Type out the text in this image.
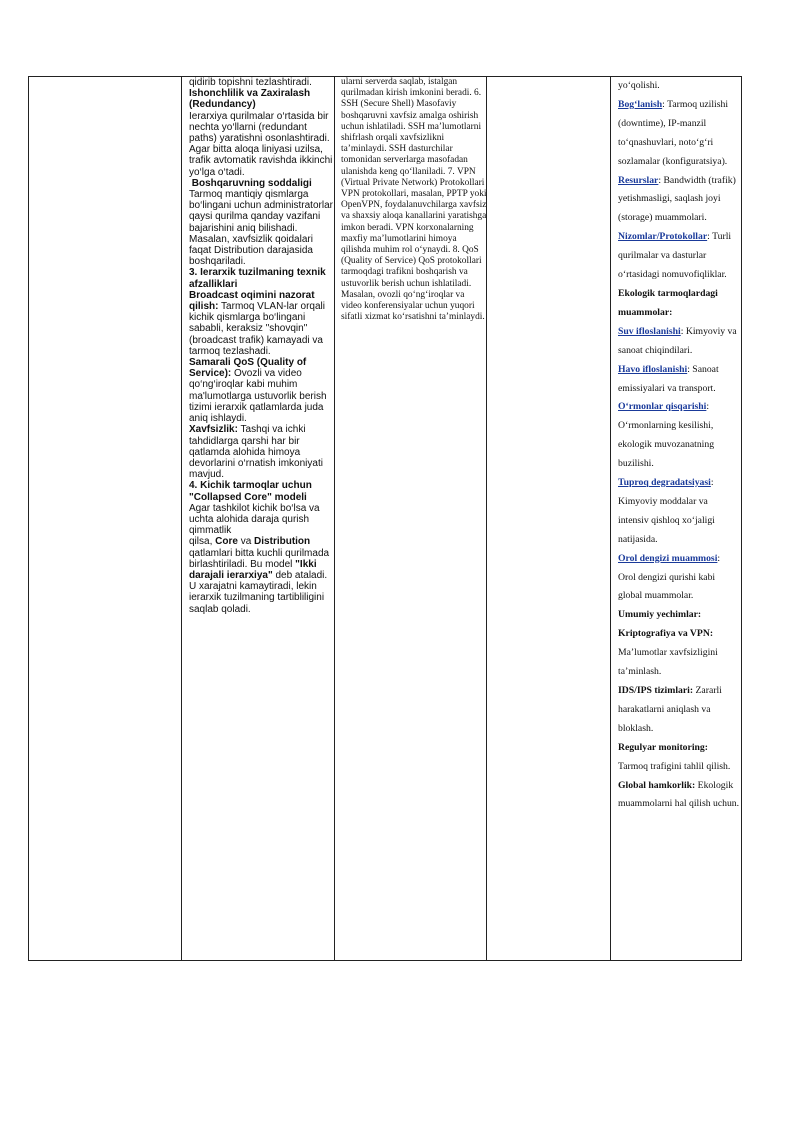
qidirib topishni tezlashtiradi.

Ishonchlilik va Zaxiralash (Redundancy)

Ierarxiya qurilmalar o‘rtasida bir nechta yo‘llarni (redundant paths) yaratishni osonlashtiradi. Agar bitta aloqa liniyasi uzilsa, trafik avtomatik ravishda ikkinchi yo‘lga o‘tadi.

Boshqaruvning soddaligi

Tarmoq mantiqiy qismlarga bo‘lingani uchun administratorlar qaysi qurilma qanday vazifani bajarishini aniq bilishadi. Masalan, xavfsizlik qoidalari faqat Distribution darajasida boshqariladi.

3. Ierarxik tuzilmaning texnik afzalliklari

Broadcast oqimini nazorat qilish: Tarmoq VLAN-lar orqali kichik qismlarga bo‘lingani sababli, keraksiz "shovqin" (broadcast trafik) kamayadi va tarmoq tezlashadi.

Samarali QoS (Quality of Service): Ovozli va video qo‘ng‘iroqlar kabi muhim ma'lumotlarga ustuvorlik berish tizimi ierarxik qatlamlarda juda aniq ishlaydi.

Xavfsizlik: Tashqi va ichki tahdidlarga qarshi har bir qatlamda alohida himoya devorlarini o‘rnatish imkoniyati mavjud.

4. Kichik tarmoqlar uchun "Collapsed Core" modeli

Agar tashkilot kichik bo‘lsa va uchta alohida daraja qurish qimmatlik

qilsa, Core va Distribution qatlamlari bitta kuchli qurilmada birlashtiriladi. Bu model "Ikki darajali ierarxiya" deb ataladi. U xarajatni kamaytiradi, lekin ierarxik tuzilmaning tartibliligini saqlab qoladi.

ularni serverda saqlab, istalgan qurilmadan kirish imkonini beradi. 6. SSH (Secure Shell) Masofaviy boshqaruvni xavfsiz amalga oshirish uchun ishlatiladi. SSH ma’lumotlarni shifrlash orqali xavfsizlikni ta’minlaydi. SSH dasturchilar tomonidan serverlarga masofadan ulanishda keng qo‘llaniladi. 7. VPN (Virtual Private Network) Protokollari VPN protokollari, masalan, PPTP yoki OpenVPN, foydalanuvchilarga xavfsiz va shaxsiy aloqa kanallarini yaratishga imkon beradi. VPN korxonalarning maxfiy ma’lumotlarini himoya qilishda muhim rol o‘ynaydi. 8. QoS (Quality of Service) QoS protokollari tarmoqdagi trafikni boshqarish va ustuvorlik berish uchun ishlatiladi. Masalan, ovozli qo‘ng‘iroqlar va video konferensiyalar uchun yuqori sifatli xizmat ko‘rsatishni ta’minlaydi.

yo‘qolishi.

Bog‘lanish: Tarmoq uzilishi (downtime), IP-manzil to‘qnashuvlari, noto‘g‘ri sozlamalar (konfiguratsiya).

Resurslar: Bandwidth (trafik) yetishmasligi, saqlash joyi (storage) muammolari.

Nizomlar/Protokollar: Turli qurilmalar va dasturlar o‘rtasidagi nomuvofiqliklar.

Ekologik tarmoqlardagi muammolar:

Suv ifloslanishi: Kimyoviy va sanoat chiqindilari.

Havo ifloslanishi: Sanoat emissiyalari va transport.

O‘rmonlar qisqarishi: O‘rmonlarning kesilishi, ekologik muvozanatning buzilishi.

Tuproq degradatsiyasi: Kimyoviy moddalar va intensiv qishloq xo‘jaligi natijasida.

Orol dengizi muammosi: Orol dengizi qurishi kabi global muammolar.

Umumiy yechimlar:

Kriptografiya va VPN: Ma’lumotlar xavfsizligini ta’minlash.

IDS/IPS tizimlari: Zararli harakatlarni aniqlash va bloklash.

Regulyar monitoring: Tarmoq trafigini tahlil qilish.

Global hamkorlik: Ekologik muammolarni hal qilish uchun.
